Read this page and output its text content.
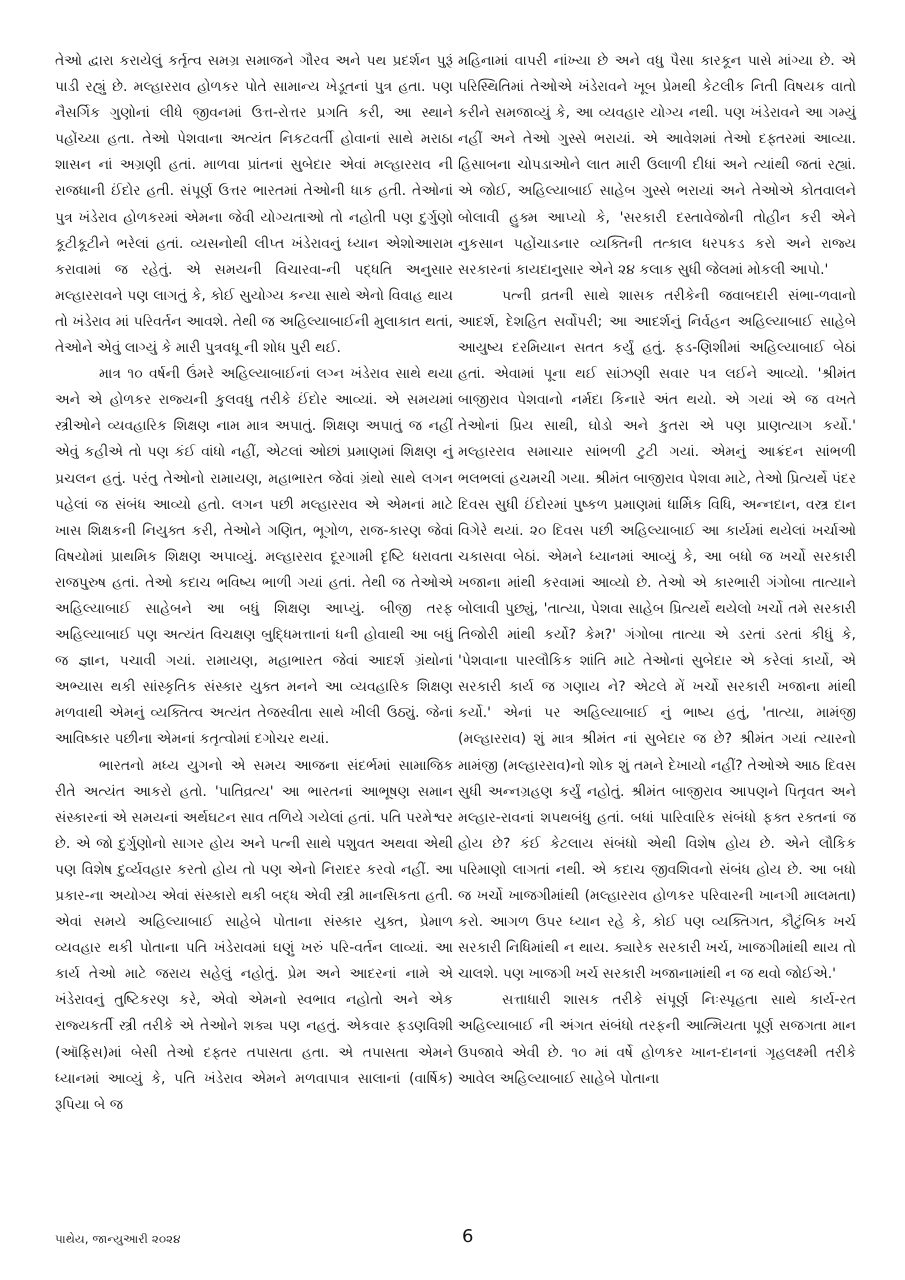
તેઓ દ્વારા કરાયેલું કર્તૃત્વ સમગ્ર સમાજને ગૌરવ અને પથ પ્રદર્શન પુરૂં પાડી રહ્યું છે. મલ્હારરાવ હોળકર પોતે સામાન્ય ખેડૂતનાં પુત્ર હતા. પણ નૈસર્ગિક ગુણોનાં લીધે જીવનમાં ઉત્ત-રોત્તર પ્રગતિ કરી, આ સ્થાને પહોંચ્યા હતા. તેઓ પેશવાના અત્યંત નિકટવર્તી હોવાનાં સાથે મરાઠા શાસન નાં અગ્રણી હતાં. માળવા પ્રાંતનાં સુબેદાર એવાં મલ્હારરાવ ની રાજધાની ઈંદોર હતી. સંપૂર્ણ ઉત્તર ભારતમાં તેઓની ધાક હતી. તેઓનાં પુત્ર ખંડેરાવ હોળકરમાં એમના જેવી યોગ્યતાઓ તો નહોતી પણ દુર્ગુણો કૂટીકૂટીને ભરેલાં હતાં. વ્યસનોથી લીપ્ત ખંડેરાવનું ધ્યાન એશોઆરામ કરાવામાં જ રહેતું. એ સમયની વિચારવા-ની પદ્ધતિ અનુસાર મલ્હારરાવને પણ લાગતું કે, કોઈ સુયોગ્ય કન્યા સાથે એનો વિવાહ થાય તો ખંડેરાવ માં પરિવર્તન આવશે. તેથી જ અહિલ્યાબાઈની મુલાકાત થતાં, તેઓને એવું લાગ્યું કે મારી પુત્રવધૂ ની શોધ પુરી થઈ.

માત્ર ૧૦ વર્ષની ઉંમરે અહિલ્યાબાઈનાં લગ્ન ખંડેરાવ સાથે થયા અને એ હોળકર રાજ્યની કુલવધુ તરીકે ઈંદોર આવ્યાં. એ સમયમાં સ્ત્રીઓને વ્યવહારિક શિક્ષણ નામ માત્ર અપાતું. શિક્ષણ અપાતું જ નહીં એવું કહીએ તો પણ કંઈ વાંધો નહીં, એટલાં ઓછાં પ્રમાણમાં શિક્ષણ નું પ્રચલન હતું. પરંતુ તેઓનો રામાયણ, મહાભારત જેવાં ગ્રંથો સાથે લગન પહેલાં જ સંબંધ આવ્યો હતો. લગન પછી મલ્હારરાવ એ એમનાં માટે ખાસ શિક્ષકની નિયુક્ત કરી, તેઓને ગણિત, ભૂગોળ, રાજ-કારણ જેવાં વિષયોમાં પ્રાથમિક શિક્ષણ અપાવ્યું. મલ્હારરાવ દૂરગામી દૃષ્ટિ ધરાવતા રાજપુરુષ હતાં. તેઓ કદાચ ભવિષ્ય ભાળી ગયાં હતાં. તેથી જ તેઓએ અહિલ્યાબાઈ સાહેબને આ બધું શિક્ષણ આપ્યું. બીજી તરફ અહિલ્યાબાઈ પણ અત્યંત વિચક્ષણ બુદ્ધિમત્તાનાં ધની હોવાથી આ બધું જ જ્ઞાન, પચાવી ગયાં. રામાયણ, મહાભારત જેવાં આદર્શ ગ્રંથોનાં અભ્યાસ થકી સાંસ્કૃતિક સંસ્કાર યુક્ત મનને આ વ્યવહારિક શિક્ષણ મળવાથી એમનું વ્યક્તિત્વ અત્યંત તેજસ્વીતા સાથે ખીલી ઉઠ્યું. જેનાં આવિષ્કાર પછીના એમનાં કતૃત્વોમાં દગોચર થયાં.

ભારતનો મધ્ય યુગનો એ સમય આજના સંદર્ભમાં સામાજિક રીતે અત્યંત આકરો હતો. 'પાતિવ્રત્ય' આ ભારતનાં આભૂષણ સમાન સંસ્કારનાં એ સમયનાં અર્થઘટન સાવ તળિયે ગયેલાં હતાં. પતિ પરમેશ્વર છે. એ જો દુર્ગુણોનો સાગર હોય અને પત્ની સાથે પશુવત અથવા એથી પણ વિશેષ દુર્વ્યવહાર કરતો હોય તો પણ એનો નિરાદર કરવો નહીં. આ પ્રકાર-ના અયોગ્ય એવાં સંસ્કારો થકી બદ્ધ એવી સ્ત્રી માનસિકતા હતી. એવાં સમયે અહિલ્યાબાઈ સાહેબે પોતાના સંસ્કાર યુક્ત, પ્રેમાળ વ્યવહાર થકી પોતાના પતિ ખંડેરાવમાં ઘણું ખરું પરિ-વર્તન લાવ્યાં. આ કાર્ય તેઓ માટે જરાય સહેલું નહોતું. પ્રેમ અને આદરનાં નામે એ ખંડેરાવનું તુષ્ટિકરણ કરે, એવો એમનો સ્વભાવ નહોતો અને એક રાજ્યકર્તી સ્ત્રી તરીકે એ તેઓને શક્ય પણ નહતું. એકવાર ફડણવિશી (ઑફિસ)માં બેસી તેઓ દફ્તર તપાસતા હતા. એ તપાસતા એમને ધ્યાનમાં આવ્યું કે, પતિ ખંડેરાવ એમને મળવાપાત્ર સાલાનાં (વાર્ષિક) રૂપિયા બે જ

મહિનામાં વાપરી નાંખ્યા છે અને વધુ પૈસા કારકૂન પાસે માંગ્યા છે. એ પરિસ્થિતિમાં તેઓએ ખંડેરાવને ખૂબ પ્રેમથી કેટલીક નિતી વિષયક વાતો કરીને સમજાવ્યું કે, આ વ્યવહાર યોગ્ય નથી. પણ ખંડેરાવને આ ગમ્યું નહીં અને તેઓ ગુસ્સે ભરાયાં. એ આવેશમાં તેઓ દફ્તરમાં આવ્યા. હિસાબના ચોપડાઓને લાત મારી ઉલાળી દીધાં અને ત્યાંથી જતાં રહ્યાં. એ જોઈ, અહિલ્યાબાઈ સાહેબ ગુસ્સે ભરાયાં અને તેઓએ કોતવાલને બોલાવી હુક્મ આપ્યો કે, 'સરકારી દસ્તાવેજોની તોહીન કરી એને નુકસાન પહોંચાડનાર વ્યક્તિની તત્કાલ ધરપકડ કરો અને રાજ્ય સરકારનાં કાયદાનુસાર એને ૨૪ કલાક સુધી જેલમાં મોકલી આપો.'

પત્ની વ્રતની સાથે શાસક તરીકેની જવાબદારી સંભા-ળવાનો આદર્શ, દેશહિત સર્વોપરી; આ આદર્શનું નિર્વહન અહિલ્યાબાઈ સાહેબે આયુષ્ય દરમિયાન સતત કર્યું હતું. ફડ-ણિશીમાં અહિલ્યાબાઈ બેઠાં હતાં. એવામાં પૂના થઈ સાંઝણી સવાર પત્ર લઈને આવ્યો. 'શ્રીમંત બાજીરાવ પેશવાનો નર્મદા કિનારે અંત થયો. એ ગયાં એ જ વખતે તેઓનાં પ્રિય સાથી, ઘોડો અને કુતરા એ પણ પ્રાણત્યાગ કર્યો.' મલ્હારરાવ સમાચાર સાંભળી ટુટી ગયાં. એમનું આક્રંદન સાંભળી ભલભલાં હચમચી ગયા. શ્રીમંત બાજીરાવ પેશવા માટે, તેઓ પ્રિત્યર્થે પંદર દિવસ સુધી ઈંદોરમાં પુષ્કળ પ્રમાણમાં ધાર્મિક વિધિ, અન્નદાન, વસ્ત્ર દાન વિગેરે થયાં. ૨૦ દિવસ પછી અહિલ્યાબાઈ આ કાર્યમાં થયેલાં ખર્ચાઓ ચકાસવા બેઠાં. એમને ધ્યાનમાં આવ્યું કે, આ બધો જ ખર્ચો સરકારી ખજાના માંથી કરવામાં આવ્યો છે. તેઓ એ કારભારી ગંગોબા તાત્યાને બોલાવી પુછ્યું, 'તાત્યા, પેશવા સાહેબ પ્રિત્યર્થે થયેલો ખર્ચો તમે સરકારી તિજોરી માંથી કર્યો? કેમ?' ગંગોબા તાત્યા એ ડરતાં ડરતાં કીધું કે, 'પેશવાના પારલૌકિક શાંતિ માટે તેઓનાં સુબેદાર એ કરેલાં કાર્યો, એ સરકારી કાર્ય જ ગણાય ને? એટલે મેં ખર્ચો સરકારી ખજાના માંથી કર્યો.' એનાં પર અહિલ્યાબાઈ નું ભાષ્ય હતું, 'તાત્યા, મામંજી (મલ્હારરાવ) શું માત્ર શ્રીમંત નાં સુબેદાર જ છે? શ્રીમંત ગયાં ત્યારનો મામંજી (મલ્હારરાવ)નો શોક શું તમને દેખાયો નહીં? તેઓએ આઠ દિવસ સુધી અન્નગ્રહણ કર્યું નહોતું. શ્રીમંત બાજીરાવ આપણને પિતૃવત અને મલ્હાર-રાવનાં શપથબંધુ હતાં. બધાં પારિવારિક સંબંધો ફક્ત રક્તનાં જ હોય છે? કંઈ કેટલાય સંબંધો એથી વિશેષ હોય છે. એને લૌકિક પરિમાણો લાગતાં નથી. એ કદાચ જીવશિવનો સંબંધ હોય છે. આ બધો જ ખર્ચો ખાજગીમાંથી (મલ્હારરાવ હોળકર પરિવારની ખાનગી માલમતા) કરો. આગળ ઉપર ધ્યાન રહે કે, કોઈ પણ વ્યક્તિગત, કૌટુંબિક ખર્ચ સરકારી નિધિમાંથી ન થાય. ક્યારેક સરકારી ખર્ચ, ખાજગીમાંથી થાય તો ચાલશે. પણ ખાજગી ખર્ચ સરકારી ખજાનામાંથી ન જ થવો જોઈએ.'

સત્તાધારી શાસક તરીકે સંપૂર્ણ નિઃસ્પૃહતા સાથે કાર્ય-રત અહિલ્યાબાઈ ની અંગત સંબંધો તરફની આત્મિયતા પૂર્ણ સજગતા માન ઉપજાવે એવી છે. ૧૦ માં વર્ષે હોળકર ખાન-દાનનાં ગૃહલક્ષ્મી તરીકે આવેલ અહિલ્યાબાઈ સાહેબે પોતાના

પાથેય, જાન્યુઆરી ૨૦૨૪	6
